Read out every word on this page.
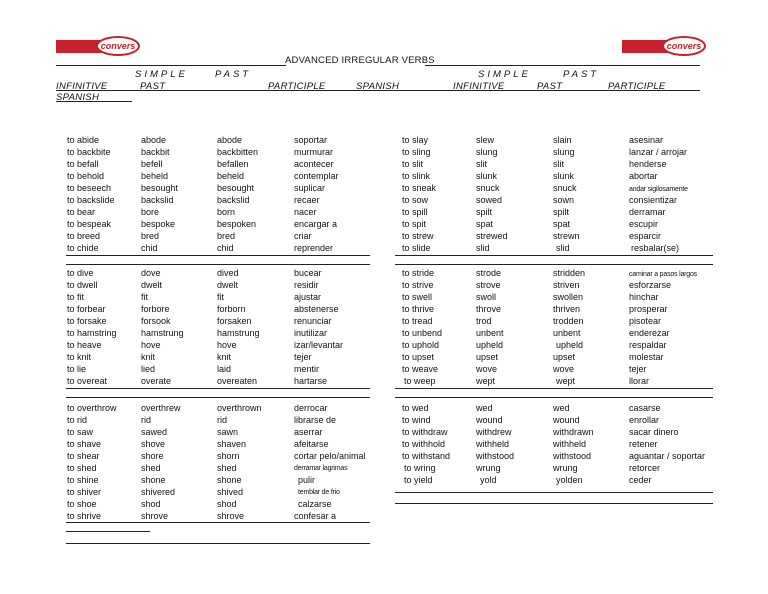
convers	convers
ADVANCED IRREGULAR VERBS
SIMPLE	PAST
INFINITIVE	PAST	PARTICIPLE	SPANISH
SPANISH
SIMPLE	PAST
INFINITIVE	PAST	PARTICIPLE
to abide	abode	abode	soportar
to backbite	backbit	backbitten	murmurar
to befall	befell	befallen	acontecer
to behold	beheld	beheld	contemplar
to beseech	besought	besought	suplicar
to backslide	backslid	backslid	recaer
to bear	bore	born	nacer
to bespeak	bespoke	bespoken	encargar a
to breed	bred	bred	criar
to chide	chid	chid	reprender
to dive	dove	dived	bucear
to dwell	dwelt	dwelt	residir
to fit	fit	fit	ajustar
to forbear	forbore	forborn	abstenerse
to forsake	forsook	forsaken	renunciar
to hamstring	hamstrung	hamstrung	inutilizar
to heave	hove	hove	izar/levantar
to knit	knit	knit	tejer
to lie	lied	laid	mentir
to overeat	overate	overeaten	hartarse
to overthrow	overthrew	overthrown	derrocar
to rid	rid	rid	librarse de
to saw	sawed	sawn	aserrar
to shave	shove	shaven	afeitarse
to shear	shore	shorn	cortar pelo/animal
to shed	shed	shed	derramar lagrimas
to shine	shone	shone	pulir
to shiver	shivered	shived	temblar de frio
to shoe	shod	shod	calzarse
to shrive	shrove	shrove	confesar a
to slay	slew	slain	asesinar
to sling	slung	slung	lanzar / arrojar
to slit	slit	slit	henderse
to slink	slunk	slunk	abortar
to sneak	snuck	snuck	andar sigilosamente
to sow	sowed	sown	consientizar
to spill	spilt	spilt	derramar
to spit	spat	spat	escupir
to strew	strewed	strewn	esparcir
to slide	slid	slid	resbalar(se)
to stride	strode	stridden	caminar a pasos largos
to strive	strove	striven	esforzarse
to swell	swoll	swollen	hinchar
to thrive	throve	thriven	prosperar
to tread	trod	trodden	pisotear
to unbend	unbent	unbent	enderezar
to uphold	upheld	upheld	respaldar
to upset	upset	upset	molestar
to weave	wove	wove	tejer
to weep	wept	wept	llorar
to wed	wed	wed	casarse
to wind	wound	wound	enrollar
to withdraw	withdrew	withdrawn	sacar dinero
to withhold	withheld	withheld	retener
to withstand	withstood	withstood	aguantar / soportar
to wring	wrung	wrung	retorcer
to yield	yold	yolden	ceder
